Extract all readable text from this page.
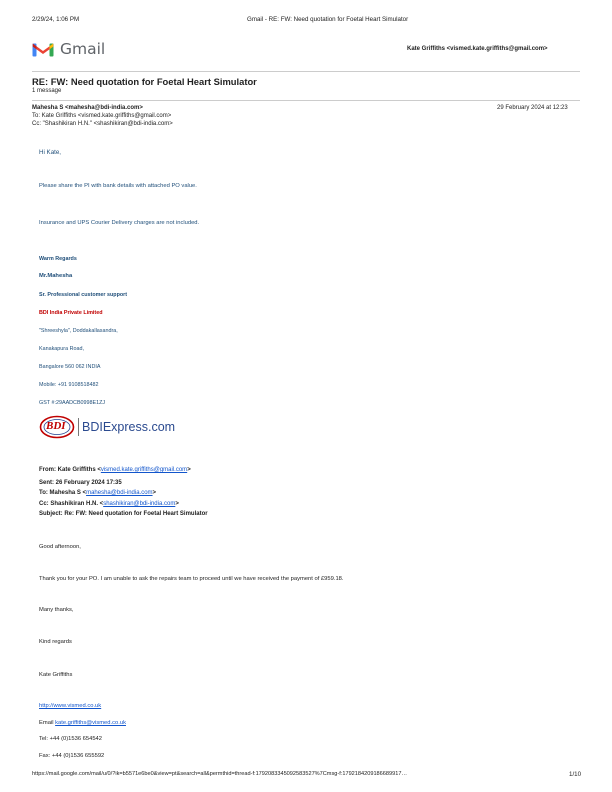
2/29/24, 1:06 PM	Gmail - RE: FW: Need quotation for Foetal Heart Simulator
Gmail	Kate Griffiths <vismed.kate.griffiths@gmail.com>
RE: FW: Need quotation for Foetal Heart Simulator
1 message
Mahesha S <mahesha@bdi-india.com>	29 February 2024 at 12:23
To: Kate Griffiths <vismed.kate.griffiths@gmail.com>
Cc: "Shashikiran H.N." <shashikiran@bdi-india.com>
Hi Kate,
Please share the PI with bank details with attached PO value.
Insurance and UPS Courier Delivery charges are not included.
Warm Regards
Mr.Mahesha
Sr. Professional customer support
BDI India Private Limited
"Shreeshyla", Doddakallasandra,
Kanakapura Road,
Bangalore 560 062 INDIA
Mobile: +91 9108518482
GST #:29AADCB0998E1ZJ
BDI BDIExpress.com
From: Kate Griffiths <vismed.kate.griffiths@gmail.com>
Sent: 26 February 2024 17:35
To: Mahesha S <mahesha@bdi-india.com>
Cc: Shashikiran H.N. <shashikiran@bdi-india.com>
Subject: Re: FW: Need quotation for Foetal Heart Simulator
Good afternoon,
Thank you for your PO. I am unable to ask the repairs team to proceed until we have received the payment of £959.18.
Many thanks,
Kind regards
Kate Griffiths
http://www.vismed.co.uk
Email kate.griffiths@vismed.co.uk
Tel: +44 (0)1536 654542
Fax: +44 (0)1536 655592
https://mail.google.com/mail/u/0/?ik=b5571e6be0&view=pt&search=all&permthid=thread-f:1792083345092583527%7Cmsg-f:1792184209186689917…	1/10
